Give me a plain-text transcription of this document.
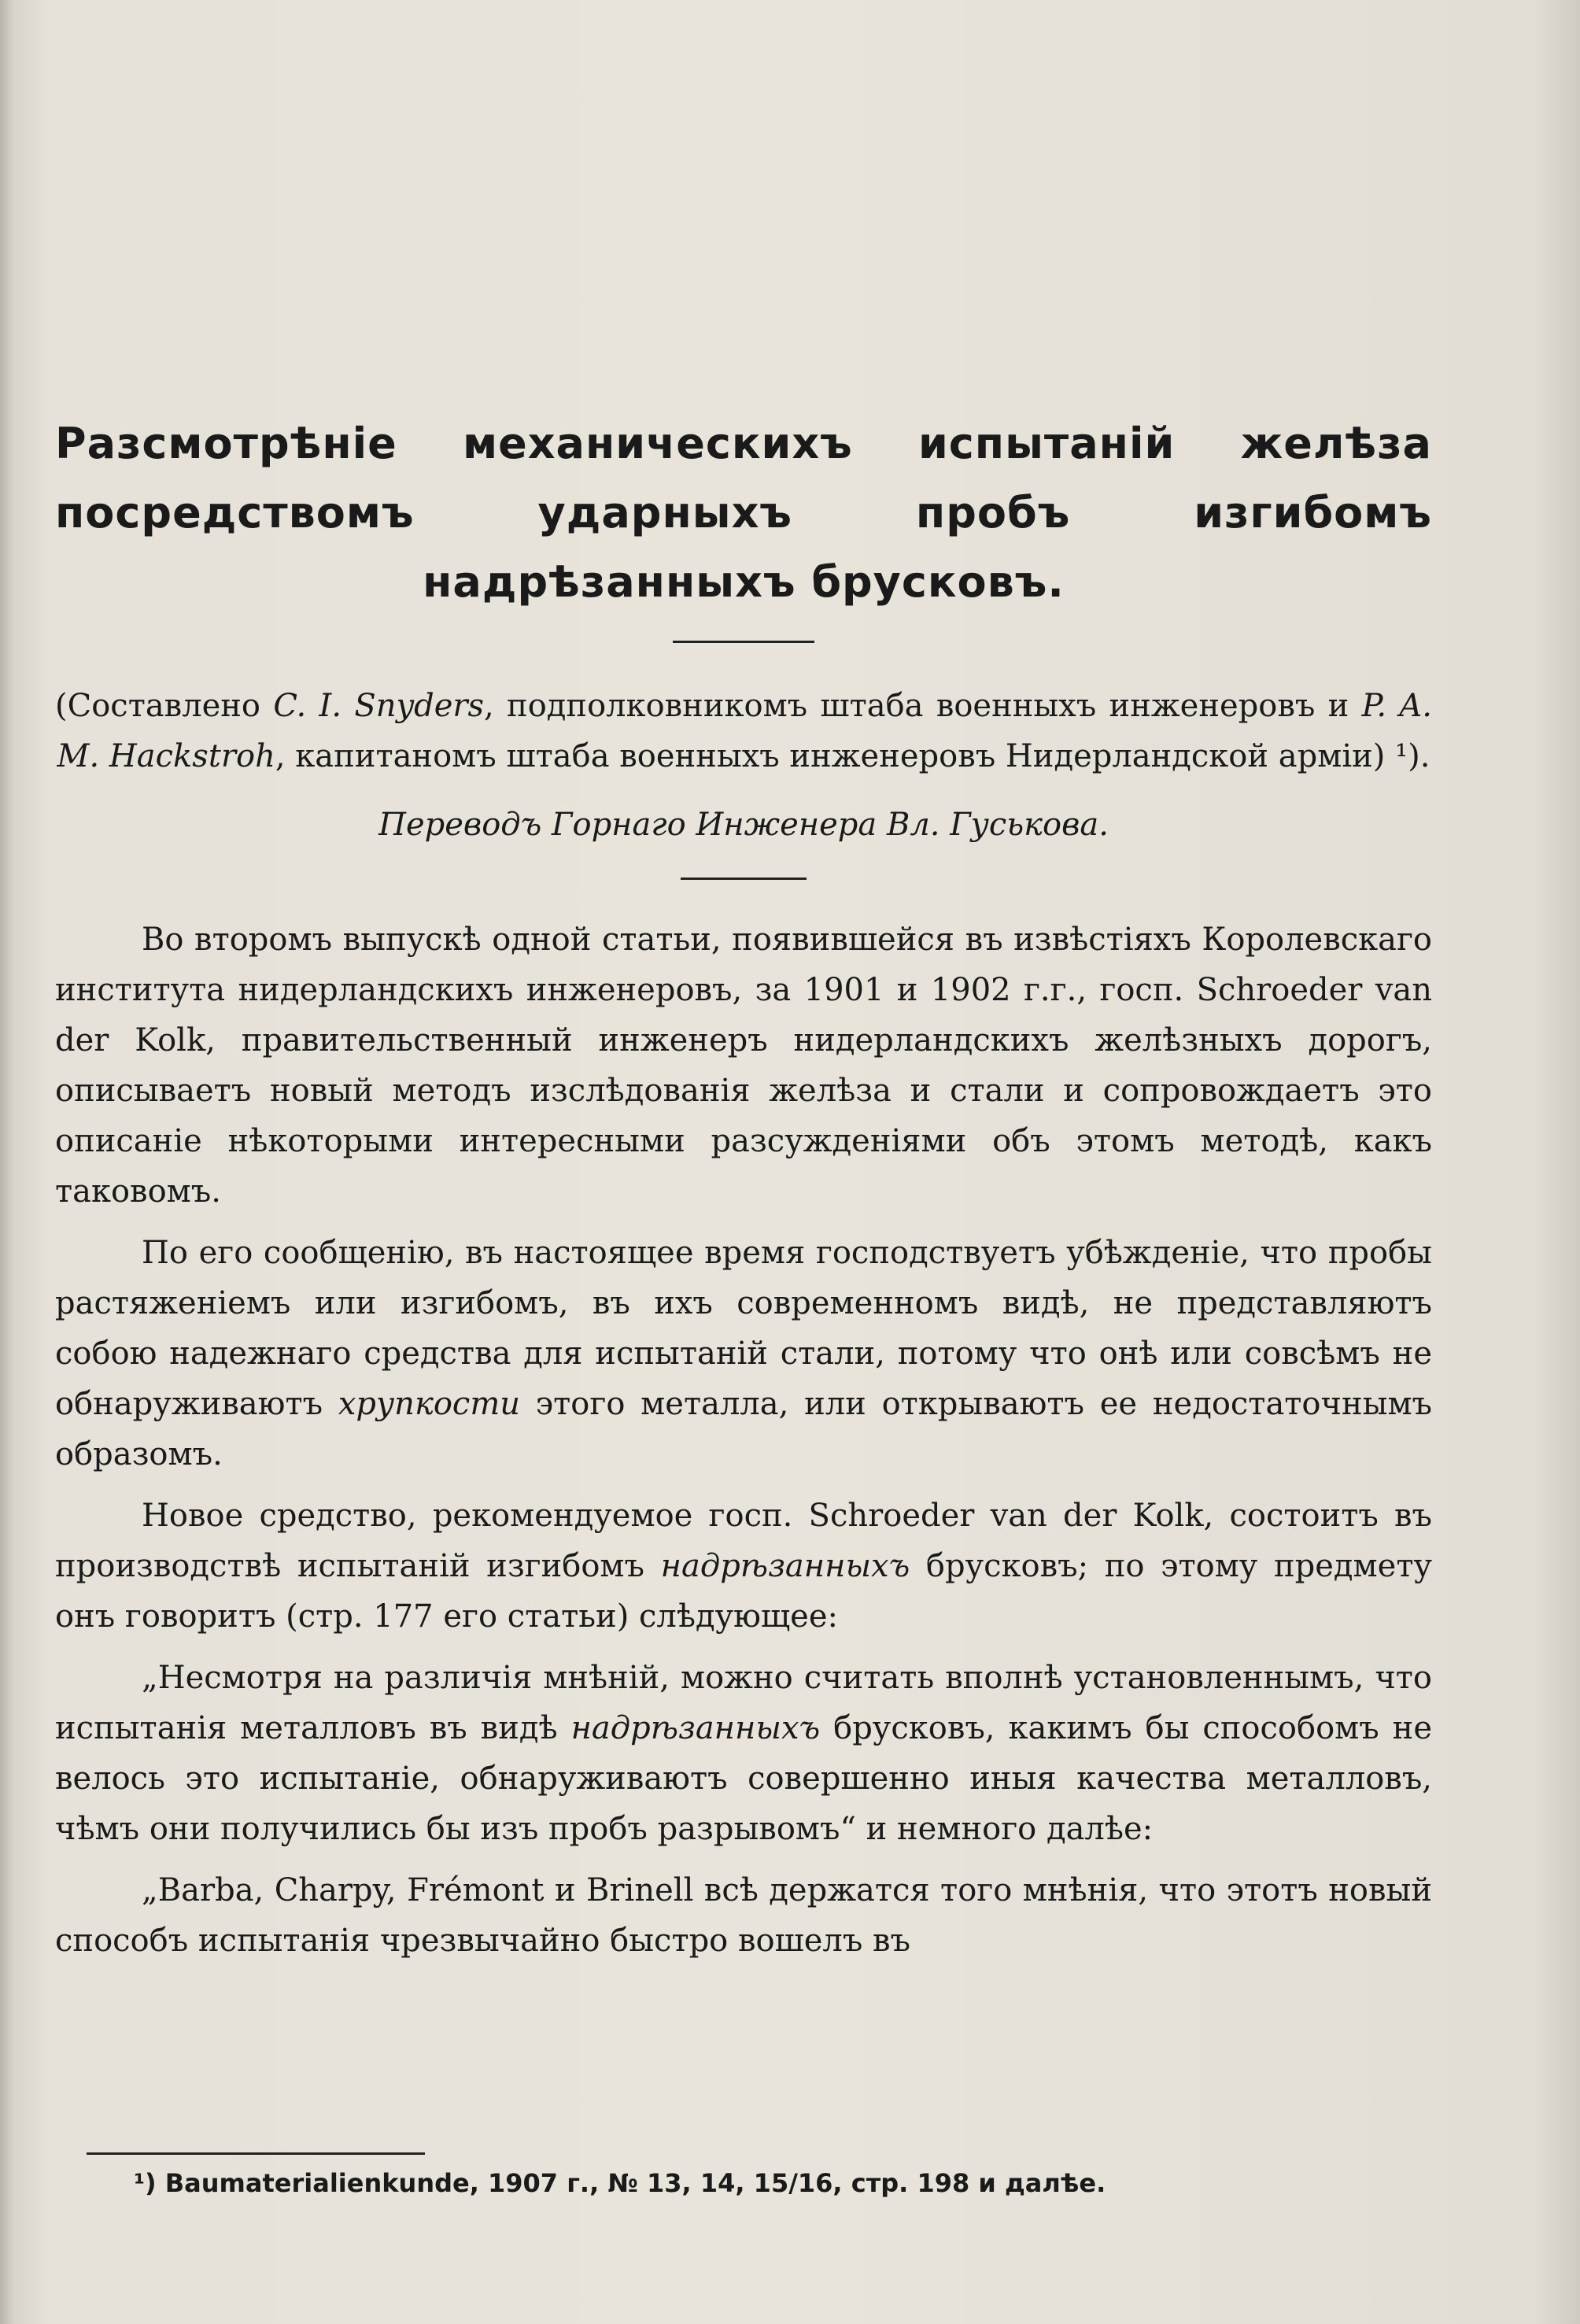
Разсмотрѣніе механическихъ испытаній желѣза посредствомъ ударныхъ пробъ изгибомъ надрѣзанныхъ брусковъ.

(Составлено C. I. Snyders, подполковникомъ штаба военныхъ инженеровъ и P. A. M. Hackstroh, капитаномъ штаба военныхъ инженеровъ Нидерландской арміи) ¹).

Переводъ Горнаго Инженера Вл. Гуськова.

Во второмъ выпускѣ одной статьи, появившейся въ извѣстіяхъ Королевскаго института нидерландскихъ инженеровъ, за 1901 и 1902 г.г., госп. Schroeder van der Kolk, правительственный инженеръ нидерландскихъ желѣзныхъ дорогъ, описываетъ новый методъ изслѣдованія желѣза и стали и сопровождаетъ это описаніе нѣкоторыми интересными разсужденіями объ этомъ методѣ, какъ таковомъ.

По его сообщенію, въ настоящее время господствуетъ убѣжденіе, что пробы растяженіемъ или изгибомъ, въ ихъ современномъ видѣ, не представляютъ собою надежнаго средства для испытаній стали, потому что онѣ или совсѣмъ не обнаруживаютъ хрупкости этого металла, или открываютъ ее недостаточнымъ образомъ.

Новое средство, рекомендуемое госп. Schroeder van der Kolk, состоитъ въ производствѣ испытаній изгибомъ надрѣзанныхъ брусковъ; по этому предмету онъ говоритъ (стр. 177 его статьи) слѣдующее:

„Несмотря на различія мнѣній, можно считать вполнѣ установленнымъ, что испытанія металловъ въ видѣ надрѣзанныхъ брусковъ, какимъ бы способомъ не велось это испытаніе, обнаруживаютъ совершенно иныя качества металловъ, чѣмъ они получились бы изъ пробъ разрывомъ“ и немного далѣе:

„Barba, Charpy, Frémont и Brinell всѣ держатся того мнѣнія, что этотъ новый способъ испытанія чрезвычайно быстро вошелъ въ

¹) Baumaterialienkunde, 1907 г., № 13, 14, 15/16, стр. 198 и далѣе.
